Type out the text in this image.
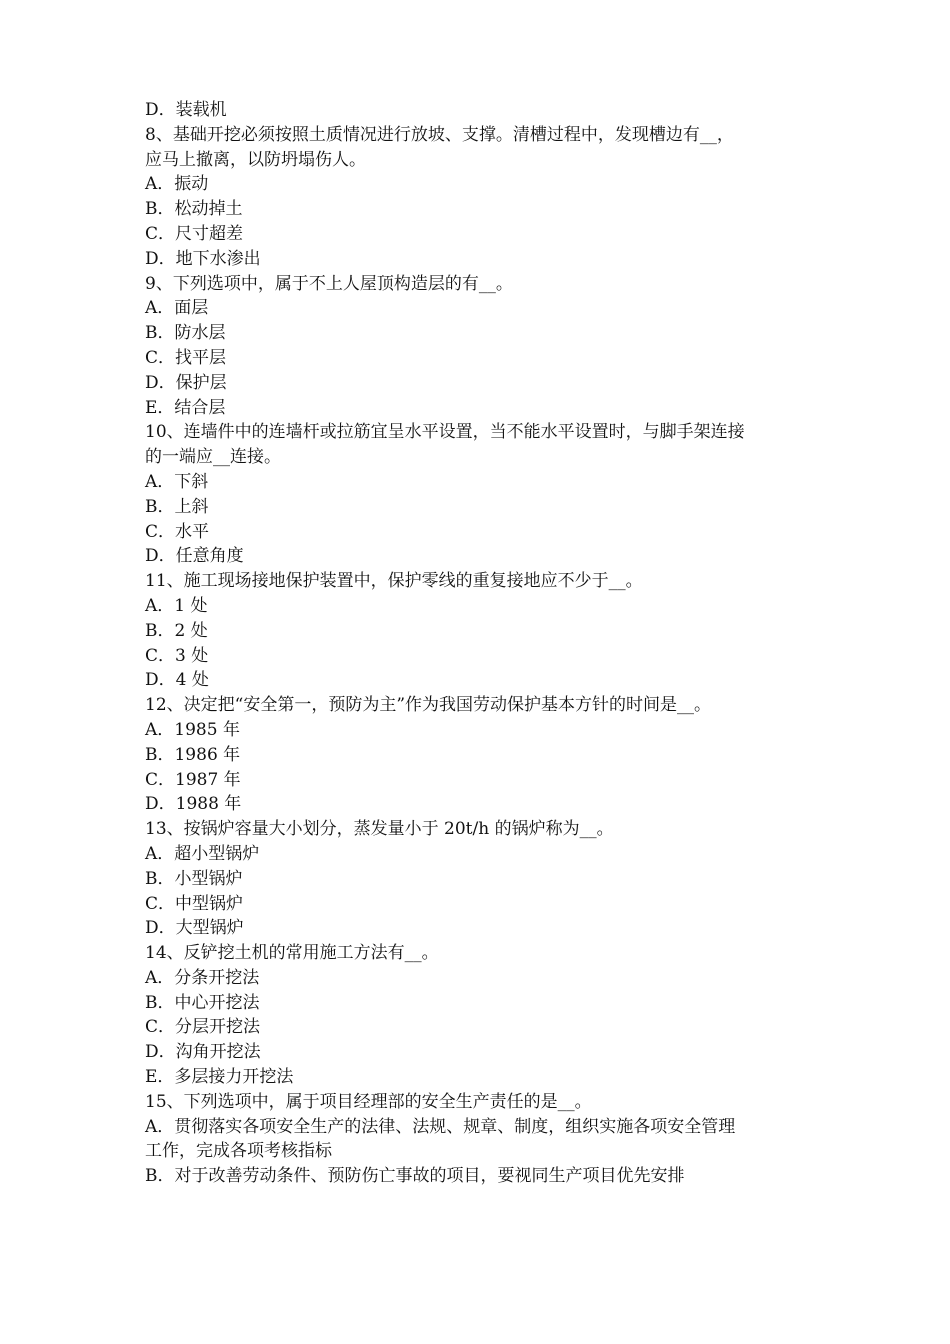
D．装载机

8、基础开挖必须按照土质情况进行放坡、支撑。清槽过程中，发现槽边有__，

应马上撤离，以防坍塌伤人。

A．振动

B．松动掉土

C．尺寸超差

D．地下水渗出

9、下列选项中，属于不上人屋顶构造层的有__。

A．面层

B．防水层

C．找平层

D．保护层

E．结合层

10、连墙件中的连墙杆或拉筋宜呈水平设置，当不能水平设置时，与脚手架连接

的一端应__连接。

A．下斜

B．上斜

C．水平

D．任意角度

11、施工现场接地保护装置中，保护零线的重复接地应不少于__。

A．1 处

B．2 处

C．3 处

D．4 处

12、决定把“安全第一，预防为主”作为我国劳动保护基本方针的时间是__。

A．1985 年

B．1986 年

C．1987 年

D．1988 年

13、按锅炉容量大小划分，蒸发量小于 20t/h 的锅炉称为__。

A．超小型锅炉

B．小型锅炉

C．中型锅炉

D．大型锅炉

14、反铲挖土机的常用施工方法有__。

A．分条开挖法

B．中心开挖法

C．分层开挖法

D．沟角开挖法

E．多层接力开挖法

15、下列选项中，属于项目经理部的安全生产责任的是__。

A．贯彻落实各项安全生产的法律、法规、规章、制度，组织实施各项安全管理

工作，完成各项考核指标

B．对于改善劳动条件、预防伤亡事故的项目，要视同生产项目优先安排
